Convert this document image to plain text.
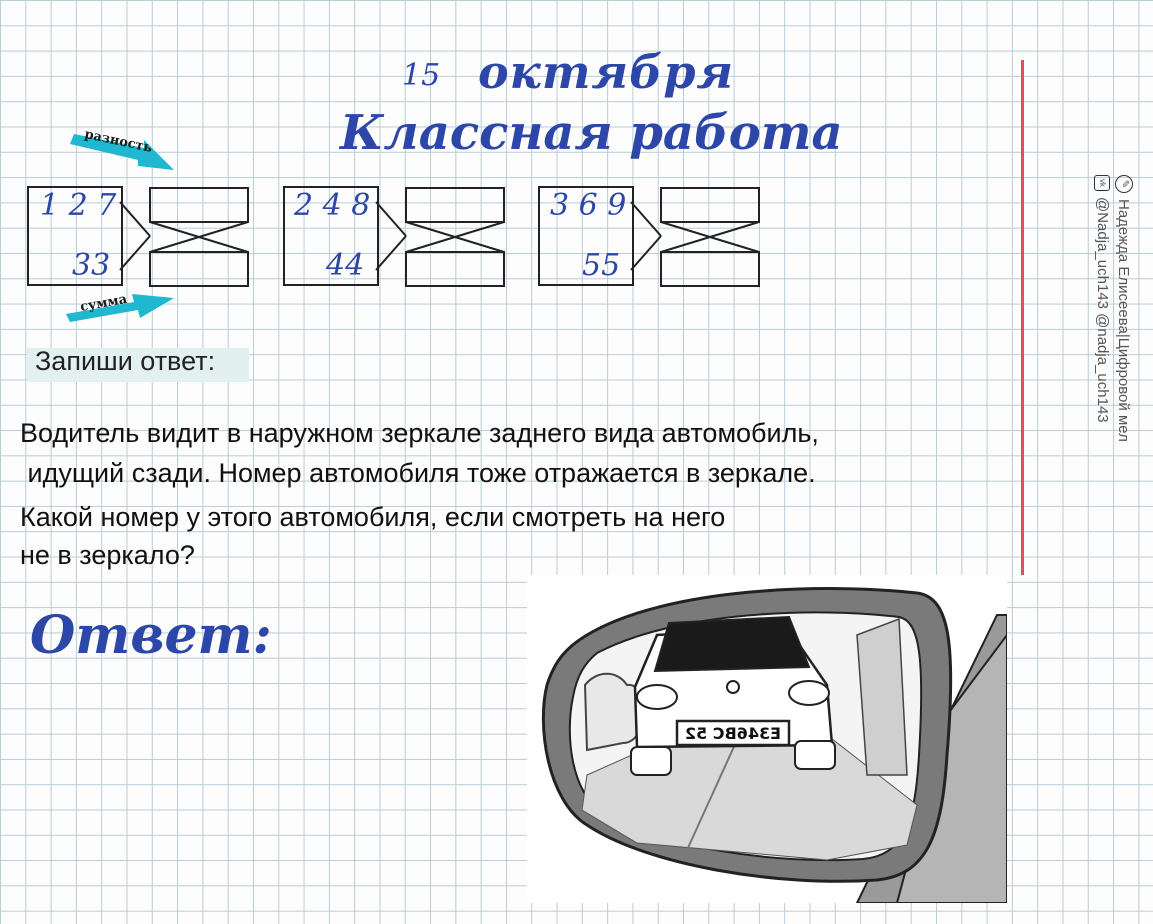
15 октября
Классная работа
разность
сумма
1 2 7
33
2 4 8
44
3 6 9
55
Запиши ответ:
Водитель видит в наружном зеркале заднего вида автомобиль,
идущий сзади. Номер автомобиля тоже отражается в зеркале.
Какой номер у этого автомобиля, если смотреть на него
не в зеркало?
Ответ:
Е346ВС 52
✎
Надежда Елисеева|Цифровой мел
vk
@Nadja_uch143 @nadja_uch143
